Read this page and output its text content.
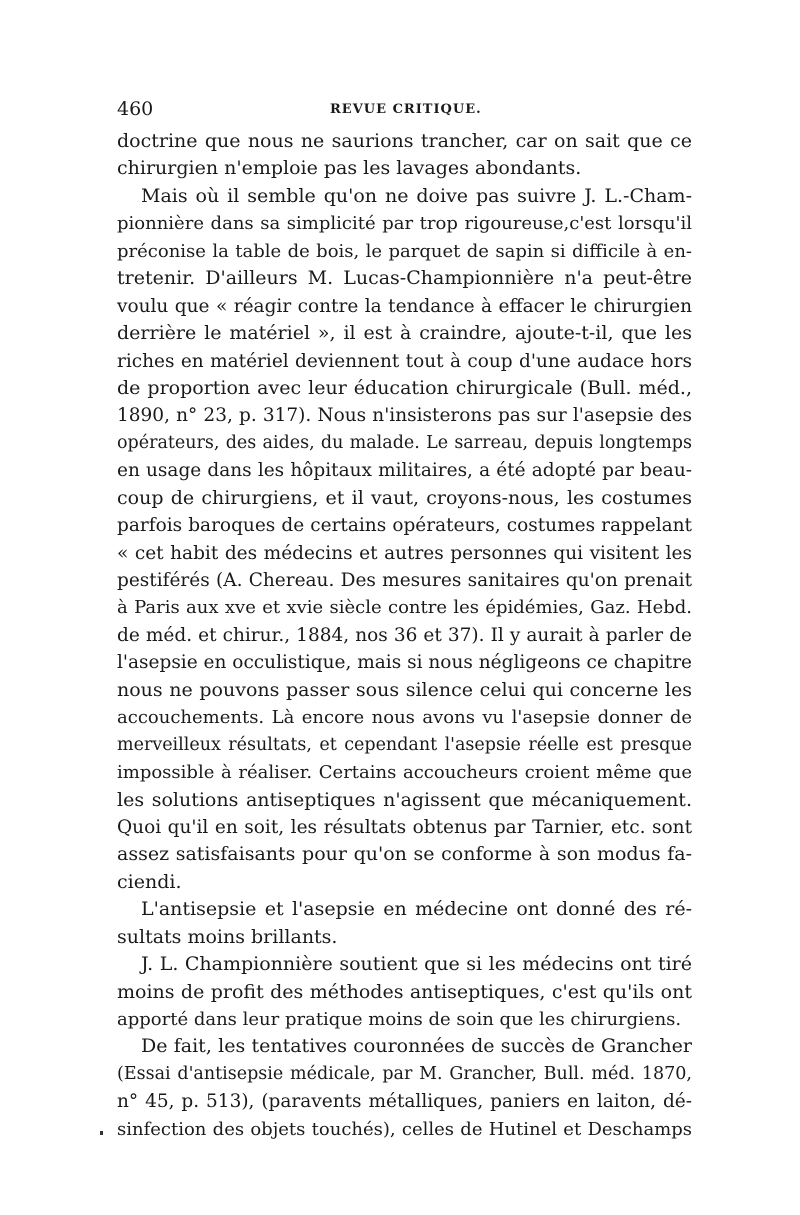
460	REVUE CRITIQUE.
doctrine que nous ne saurions trancher, car on sait que ce
chirurgien n'emploie pas les lavages abondants.
Mais où il semble qu'on ne doive pas suivre J. L.-Cham-
pionnière dans sa simplicité par trop rigoureuse,c'est lorsqu'il
préconise la table de bois, le parquet de sapin si difficile à en-
tretenir. D'ailleurs M. Lucas-Championnière n'a peut-être
voulu que « réagir contre la tendance à effacer le chirurgien
derrière le matériel », il est à craindre, ajoute-t-il, que les
riches en matériel deviennent tout à coup d'une audace hors
de proportion avec leur éducation chirurgicale (Bull. méd.,
1890, n° 23, p. 317). Nous n'insisterons pas sur l'asepsie des
opérateurs, des aides, du malade. Le sarreau, depuis longtemps
en usage dans les hôpitaux militaires, a été adopté par beau-
coup de chirurgiens, et il vaut, croyons-nous, les costumes
parfois baroques de certains opérateurs, costumes rappelant
« cet habit des médecins et autres personnes qui visitent les
pestiférés (A. Chereau. Des mesures sanitaires qu'on prenait
à Paris aux xve et xvie siècle contre les épidémies, Gaz. Hebd.
de méd. et chirur., 1884, nos 36 et 37). Il y aurait à parler de
l'asepsie en occulistique, mais si nous négligeons ce chapitre
nous ne pouvons passer sous silence celui qui concerne les
accouchements. Là encore nous avons vu l'asepsie donner de
merveilleux résultats, et cependant l'asepsie réelle est presque
impossible à réaliser. Certains accoucheurs croient même que
les solutions antiseptiques n'agissent que mécaniquement.
Quoi qu'il en soit, les résultats obtenus par Tarnier, etc. sont
assez satisfaisants pour qu'on se conforme à son modus fa-
ciendi.
L'antisepsie et l'asepsie en médecine ont donné des ré-
sultats moins brillants.
J. L. Championnière soutient que si les médecins ont tiré
moins de profit des méthodes antiseptiques, c'est qu'ils ont
apporté dans leur pratique moins de soin que les chirurgiens.
De fait, les tentatives couronnées de succès de Grancher
(Essai d'antisepsie médicale, par M. Grancher, Bull. méd. 1870,
n° 45, p. 513), (paravents métalliques, paniers en laiton, dé-
sinfection des objets touchés), celles de Hutinel et Deschamps
